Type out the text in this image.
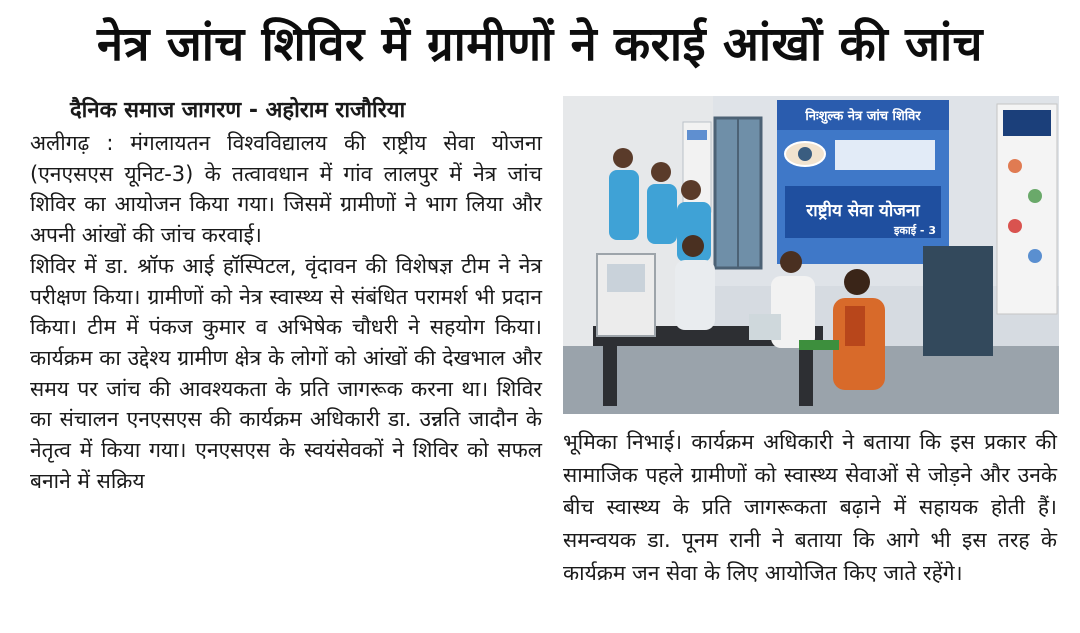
नेत्र जांच शिविर में ग्रामीणों ने कराई आंखों की जांच
दैनिक समाज जागरण - अहोराम राजौरिया

अलीगढ़ : मंगलायतन विश्वविद्यालय की राष्ट्रीय सेवा योजना (एनएसएस यूनिट-3) के तत्वावधान में गांव लालपुर में नेत्र जांच शिविर का आयोजन किया गया। जिसमें ग्रामीणों ने भाग लिया और अपनी आंखों की जांच करवाई।

शिविर में डा. श्रॉफ आई हॉस्पिटल, वृंदावन की विशेषज्ञ टीम ने नेत्र परीक्षण किया। ग्रामीणों को नेत्र स्वास्थ्य से संबंधित परामर्श भी प्रदान किया। टीम में पंकज कुमार व अभिषेक चौधरी ने सहयोग किया। कार्यक्रम का उद्देश्य ग्रामीण क्षेत्र के लोगों को आंखों की देखभाल और समय पर जांच की आवश्यकता के प्रति जागरूक करना था। शिविर का संचालन एनएसएस की कार्यक्रम अधिकारी डा. उन्नति जादौन के नेतृत्व में किया गया। एनएसएस के स्वयंसेवकों ने शिविर को सफल बनाने में सक्रिय

निःशुल्क नेत्र जांच शिविर
राष्ट्रीय सेवा योजना
इकाई - 3

भूमिका निभाई। कार्यक्रम अधिकारी ने बताया कि इस प्रकार की सामाजिक पहले ग्रामीणों को स्वास्थ्य सेवाओं से जोड़ने और उनके बीच स्वास्थ्य के प्रति जागरूकता बढ़ाने में सहायक होती हैं। समन्वयक डा. पूनम रानी ने बताया कि आगे भी इस तरह के कार्यक्रम जन सेवा के लिए आयोजित किए जाते रहेंगे।
